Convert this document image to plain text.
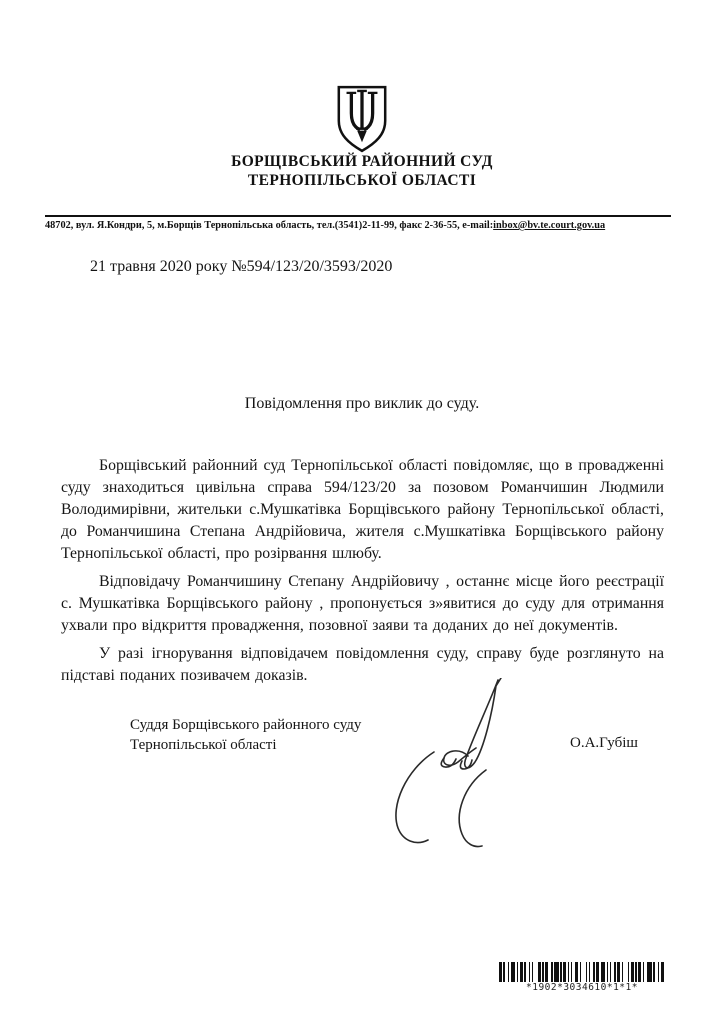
БОРЩІВСЬКИЙ РАЙОННИЙ СУД
ТЕРНОПІЛЬСЬКОЇ ОБЛАСТІ
48702, вул. Я.Кондри, 5, м.Борщів Тернопільська область, тел.(3541)2-11-99, факс 2-36-55, e-mail:inbox@bv.te.court.gov.ua
21 травня 2020 року №594/123/20/3593/2020
Повідомлення про виклик до суду.

Борщівський районний суд Тернопільської області повідомляє, що в провадженні суду знаходиться цивільна справа 594/123/20 за позовом Романчишин Людмили Володимирівни, жительки с.Мушкатівка Борщівського району Тернопільської області, до Романчишина Степана Андрійовича, жителя с.Мушкатівка Борщівського району Тернопільської області, про розірвання шлюбу.

Відповідачу Романчишину Степану Андрійовичу , останнє місце його реєстрації с. Мушкатівка Борщівського району , пропонується з»явитися до суду для отримання ухвали про відкриття провадження, позовної заяви та доданих до неї документів.

У разі ігнорування відповідачем повідомлення суду, справу буде розглянуто на підставі поданих позивачем доказів.

Суддя Борщівського районного суду
Тернопільської області	О.А.Губіш
*1902*3034610*1*1*
